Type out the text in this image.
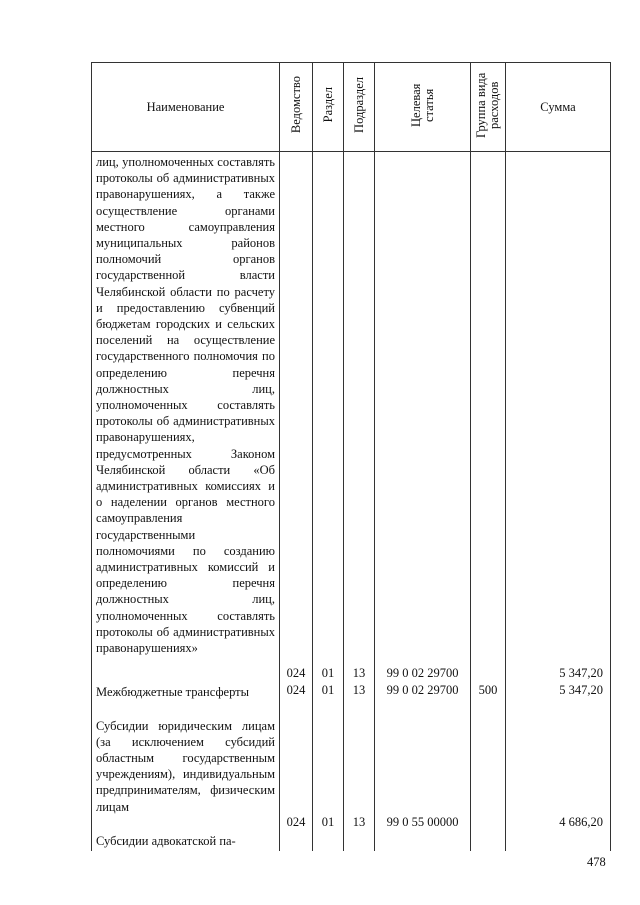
Наименование	Ведомство	Раздел	Подраздел	Целевая статья	Группа вида расходов	Сумма
лиц, уполномоченных составлять протоколы об административных правонарушениях, а также осуществление органами местного самоуправления муниципальных районов полномочий органов государственной власти Челябинской области по расчету и предоставлению субвенций бюджетам городских и сельских поселений на осуществление государственного полномочия по определению перечня должностных лиц, уполномоченных составлять протоколы об административных правонарушениях, предусмотренных Законом Челябинской области «Об административных комиссиях и о наделении органов местного самоуправления государственными полномочиями по созданию административных комиссий и определению перечня должностных лиц, уполномоченных составлять протоколы об административных правонарушениях»	024	01	13	99 0 02 29700		5 347,20
Межбюджетные трансферты	024	01	13	99 0 02 29700	500	5 347,20
Субсидии юридическим лицам (за исключением субсидий областным государственным учреждениям), индивидуальным предпринимателям, физическим лицам	024	01	13	99 0 55 00000		4 686,20
Субсидии адвокатской па-						
478
